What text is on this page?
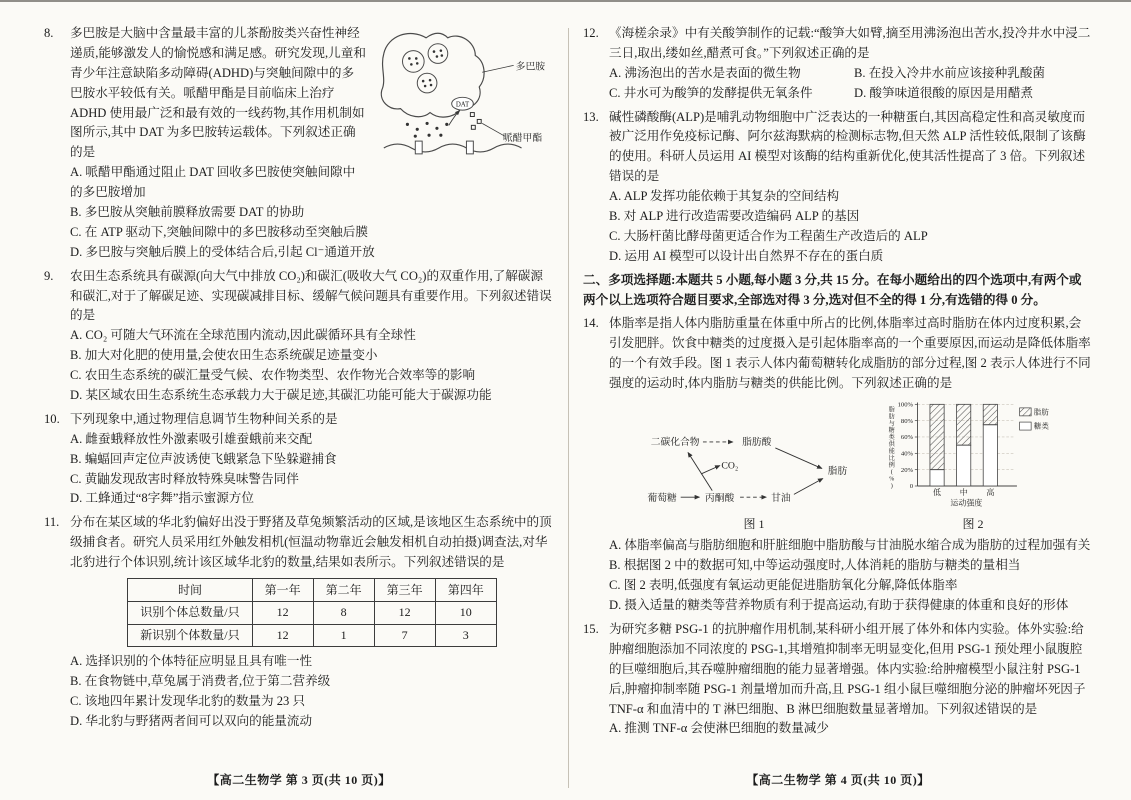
8.
DAT
多巴胺
哌醋甲酯
多巴胺是大脑中含量最丰富的儿茶酚胺类兴奋性神经递质,能够激发人的愉悦感和满足感。研究发现,儿童和青少年注意缺陷多动障碍(ADHD)与突触间隙中的多巴胺水平较低有关。哌醋甲酯是目前临床上治疗 ADHD 使用最广泛和最有效的一线药物,其作用机制如图所示,其中 DAT 为多巴胺转运载体。下列叙述正确的是
A. 哌醋甲酯通过阻止 DAT 回收多巴胺使突触间隙中的多巴胺增加
B. 多巴胺从突触前膜释放需要 DAT 的协助
C. 在 ATP 驱动下,突触间隙中的多巴胺移动至突触后膜
D. 多巴胺与突触后膜上的受体结合后,引起 Cl⁻通道开放
9. 农田生态系统具有碳源(向大气中排放 CO₂)和碳汇(吸收大气 CO₂)的双重作用,了解碳源和碳汇,对于了解碳足迹、实现碳减排目标、缓解气候问题具有重要作用。下列叙述错误的是
A. CO₂ 可随大气环流在全球范围内流动,因此碳循环具有全球性
B. 加大对化肥的使用量,会使农田生态系统碳足迹量变小
C. 农田生态系统的碳汇量受气候、农作物类型、农作物光合效率等的影响
D. 某区域农田生态系统生态承载力大于碳足迹,其碳汇功能可能大于碳源功能
10. 下列现象中,通过物理信息调节生物种间关系的是
A. 雌蚕蛾释放性外激素吸引雄蚕蛾前来交配
B. 蝙蝠回声定位声波诱使飞蛾紧急下坠躲避捕食
C. 黄鼬发现敌害时释放特殊臭味警告同伴
D. 工蜂通过“8字舞”指示蜜源方位
11. 分布在某区域的华北豹偏好出没于野猪及草兔频繁活动的区域,是该地区生态系统中的顶级捕食者。研究人员采用红外触发相机(恒温动物靠近会触发相机自动拍摄)调查法,对华北豹进行个体识别,统计该区域华北豹的数量,结果如表所示。下列叙述错误的是
时间	第一年	第二年	第三年	第四年
识别个体总数量/只	12	8	12	10
新识别个体数量/只	12	1	7	3
A. 选择识别的个体特征应明显且具有唯一性
B. 在食物链中,草兔属于消费者,位于第二营养级
C. 该地四年累计发现华北豹的数量为 23 只
D. 华北豹与野猪两者间可以双向的能量流动
【高二生物学 第 3 页(共 10 页)】
12. 《海槎余录》中有关酸笋制作的记载:“酸笋大如臂,摘至用沸汤泡出苦水,投冷井水中浸二三日,取出,缕如丝,醋煮可食。”下列叙述正确的是
A. 沸汤泡出的苦水是表面的微生物	B. 在投入冷井水前应该接种乳酸菌
C. 井水可为酸笋的发酵提供无氧条件	D. 酸笋味道很酸的原因是用醋煮
13. 碱性磷酸酶(ALP)是哺乳动物细胞中广泛表达的一种糖蛋白,其因高稳定性和高灵敏度而被广泛用作免疫标记酶、阿尔兹海默病的检测标志物,但天然 ALP 活性较低,限制了该酶的使用。科研人员运用 AI 模型对该酶的结构重新优化,使其活性提高了 3 倍。下列叙述错误的是
A. ALP 发挥功能依赖于其复杂的空间结构
B. 对 ALP 进行改造需要改造编码 ALP 的基因
C. 大肠杆菌比酵母菌更适合作为工程菌生产改造后的 ALP
D. 运用 AI 模型可以设计出自然界不存在的蛋白质
二、多项选择题:本题共 5 小题,每小题 3 分,共 15 分。在每小题给出的四个选项中,有两个或两个以上选项符合题目要求,全部选对得 3 分,选对但不全的得 1 分,有选错的得 0 分。
14. 体脂率是指人体内脂肪重量在体重中所占的比例,体脂率过高时脂肪在体内过度积累,会引发肥胖。饮食中糖类的过度摄入是引起体脂率高的一个重要原因,而运动是降低体脂率的一个有效手段。图 1 表示人体内葡萄糖转化成脂肪的部分过程,图 2 表示人体进行不同强度的运动时,体内脂肪与糖类的供能比例。下列叙述正确的是
二碳化合物	脂肪酸
脂肪
CO₂
葡萄糖	丙酮酸	甘油
图 1
0
20%
40%
60%
80%
100%
低 中 高
运动强度
脂肪与糖类供能比例( % )
脂肪
糖类
图 2
A. 体脂率偏高与脂肪细胞和肝脏细胞中脂肪酸与甘油脱水缩合成为脂肪的过程加强有关
B. 根据图 2 中的数据可知,中等运动强度时,人体消耗的脂肪与糖类的量相当
C. 图 2 表明,低强度有氧运动更能促进脂肪氧化分解,降低体脂率
D. 摄入适量的糖类等营养物质有利于提高运动,有助于获得健康的体重和良好的形体
15. 为研究多糖 PSG-1 的抗肿瘤作用机制,某科研小组开展了体外和体内实验。体外实验:给肿瘤细胞添加不同浓度的 PSG-1,其增殖抑制率无明显变化,但用 PSG-1 预处理小鼠腹腔的巨噬细胞后,其吞噬肿瘤细胞的能力显著增强。体内实验:给肿瘤模型小鼠注射 PSG-1 后,肿瘤抑制率随 PSG-1 剂量增加而升高,且 PSG-1 组小鼠巨噬细胞分泌的肿瘤坏死因子 TNF-α 和血清中的 T 淋巴细胞、B 淋巴细胞数量显著增加。下列叙述错误的是
A. 推测 TNF-α 会使淋巴细胞的数量减少
【高二生物学 第 4 页(共 10 页)】
